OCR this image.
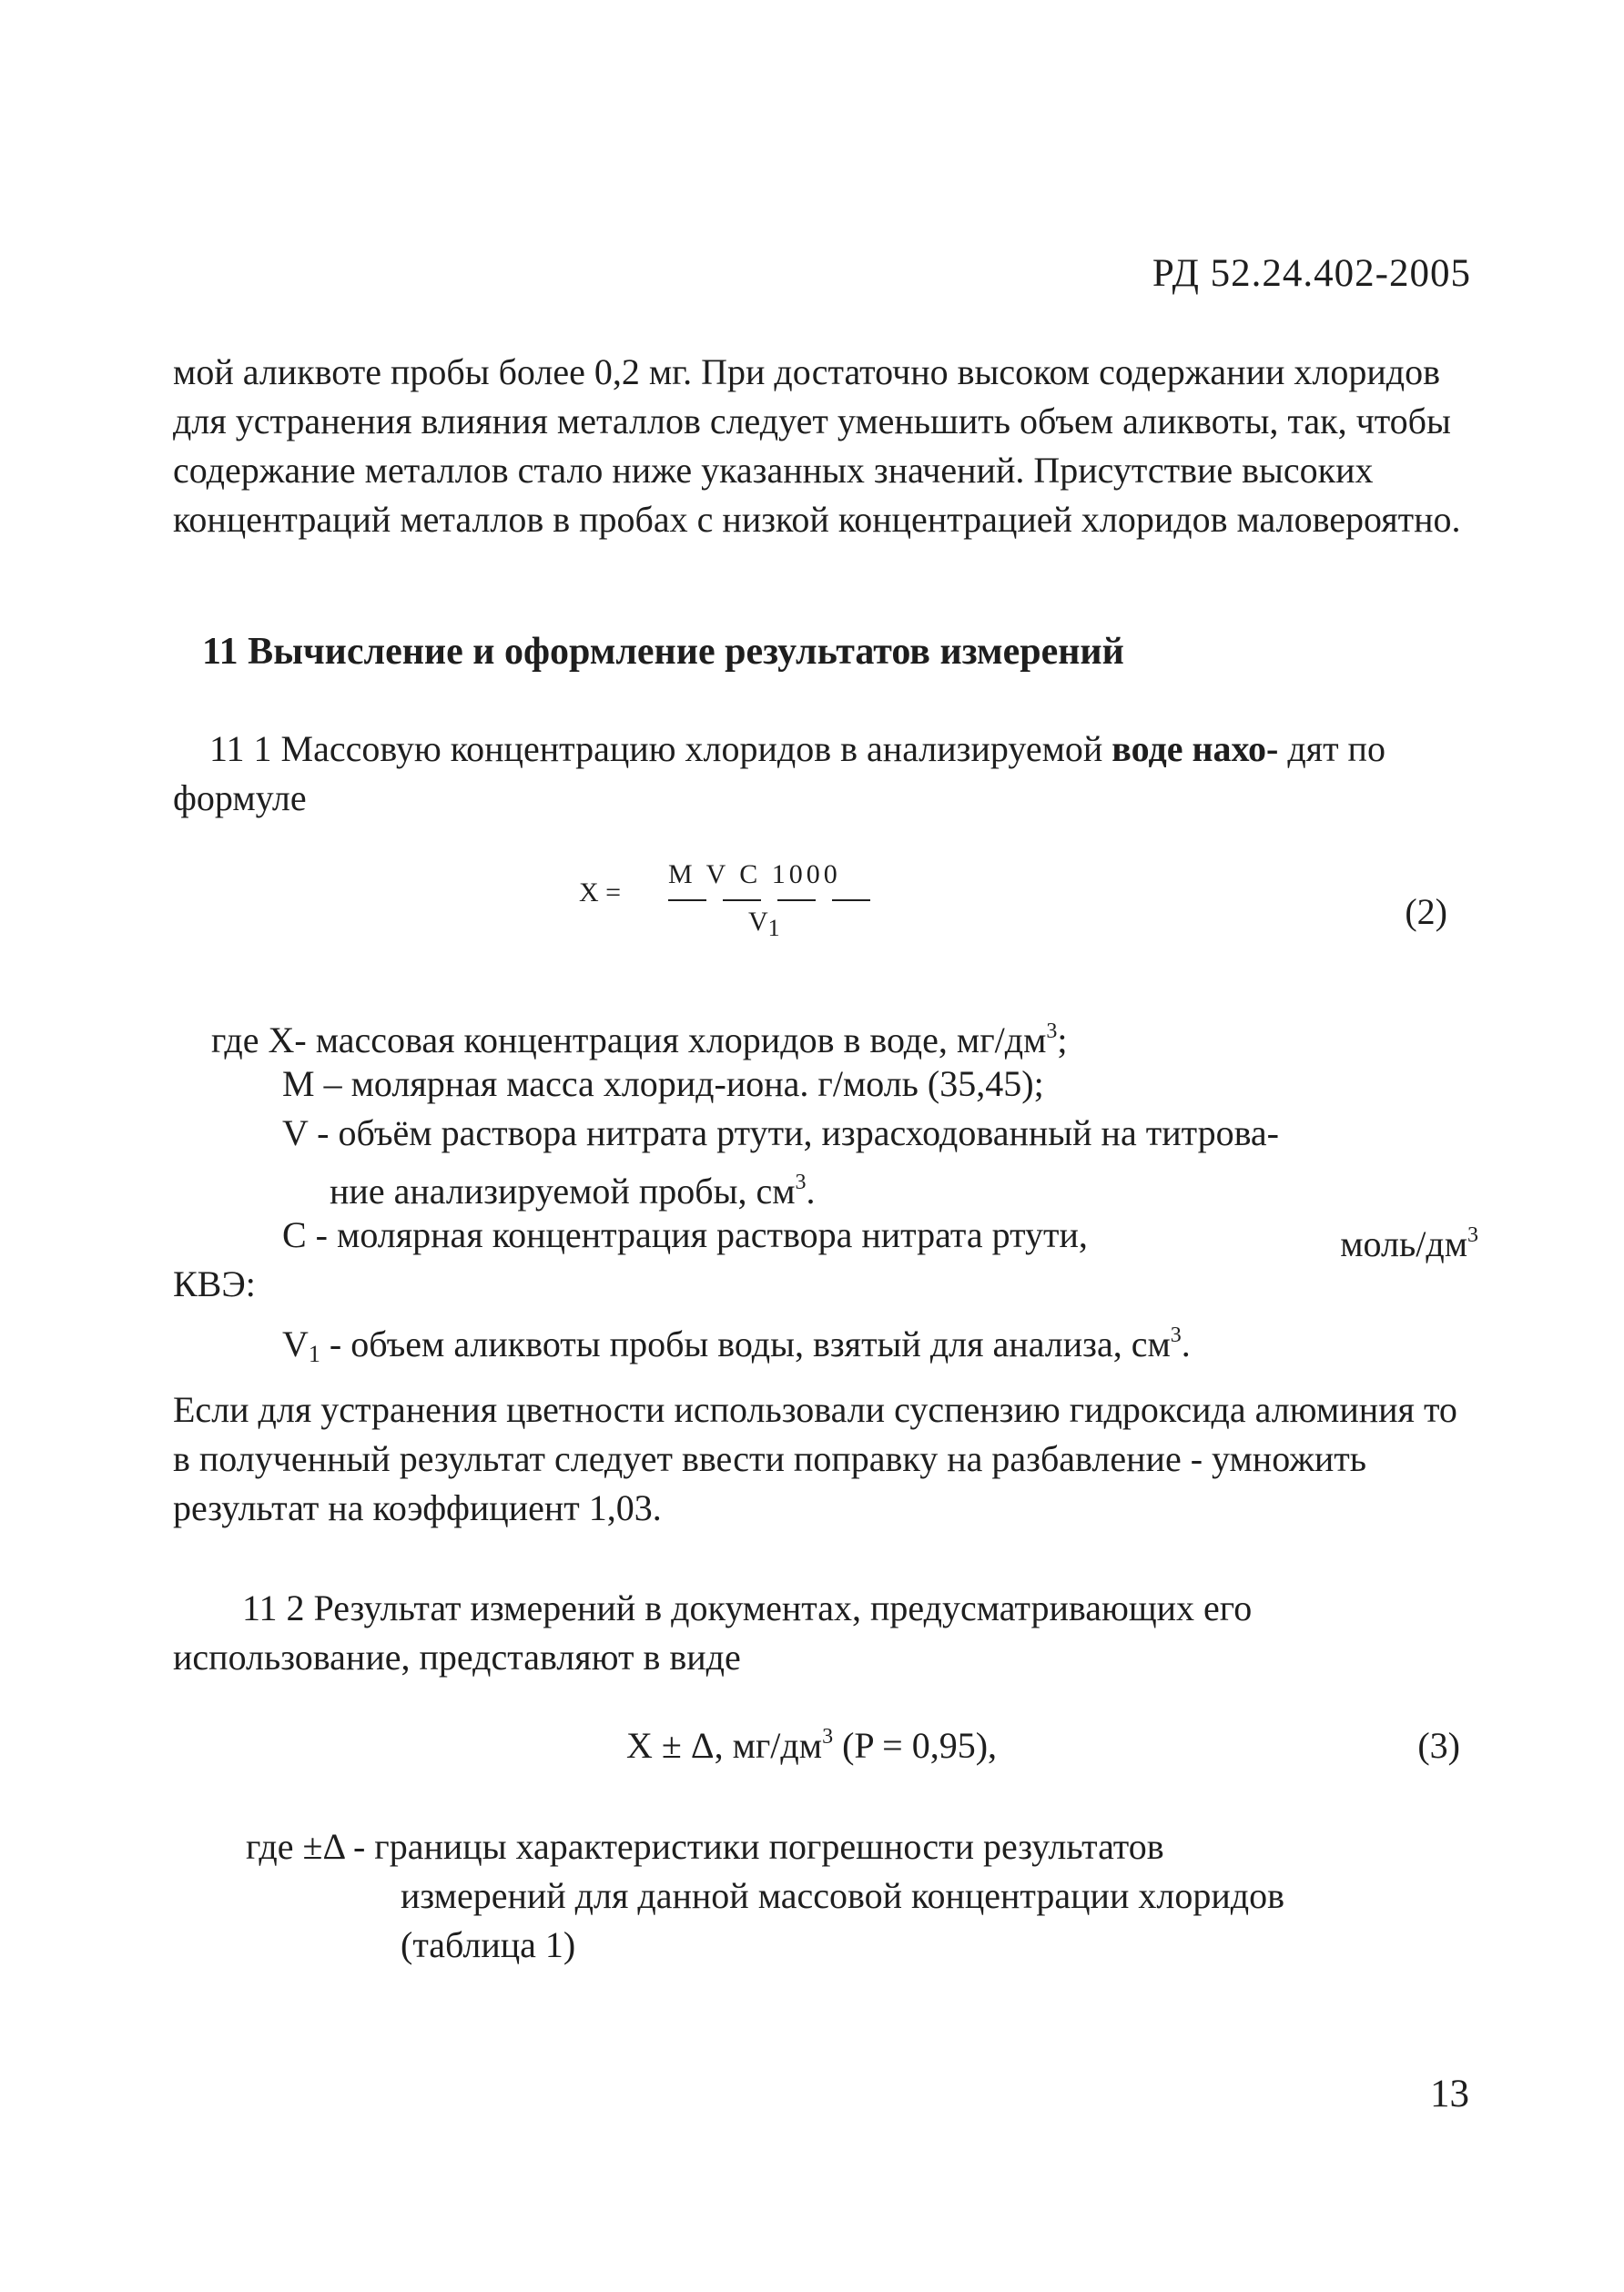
РД 52.24.402-2005
мой аликвоте пробы более 0,2 мг. При достаточно высоком содержании хлоридов для устранения влияния металлов следует уменьшить объем аликвоты, так, чтобы содержание металлов стало ниже указанных значений. Присутствие высоких концентраций металлов в пробах с низкой концентрацией хлоридов маловероятно.
11 Вычисление и оформление результатов измерений
11 1 Массовую концентрацию хлоридов в анализируемой воде нахо- дят по формуле
X =
M V C 1000
V1	(2)
где X- массовая концентрация хлоридов в воде, $мг/дм^3$;
M – молярная масса хлорид-иона. г/моль (35,45);
V - объём раствора нитрата ртути, израсходованный на титрова-
ние анализируемой пробы, $см^3$.
C - молярная концентрация раствора нитрата ртути,	моль/$дм^3$
КВЭ:
$V_1$ - объем аликвоты пробы воды, взятый для анализа, $см^3$.
Если для устранения цветности использовали суспензию гидроксида алюминия то в полученный результат следует ввести поправку на разбавление - умножить результат на коэффициент 1,03.
11 2 Результат измерений в документах, предусматривающих его использование, представляют в виде
X ± Δ, $мг/дм^3$ (P = 0,95),	(3)
где ±Δ - границы характеристики погрешности результатов
измерений для данной массовой концентрации хлоридов
(таблица 1)
13
